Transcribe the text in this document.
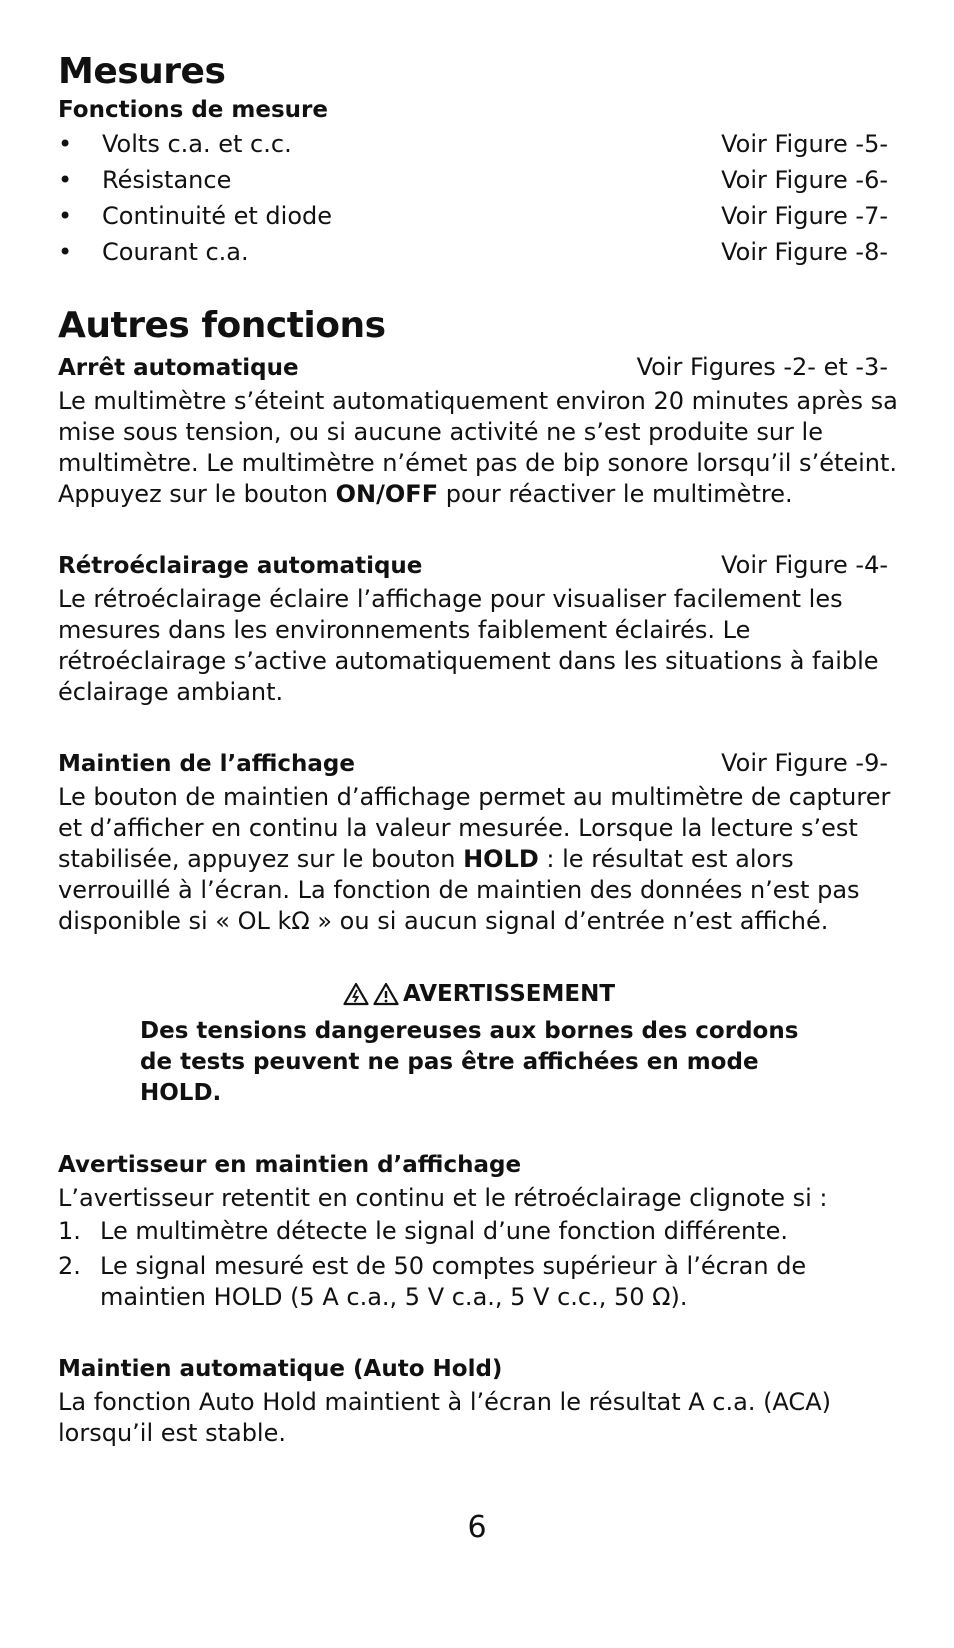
Mesures
Fonctions de mesure
•	Volts c.a. et c.c.	Voir Figure -5-
•	Résistance	Voir Figure -6-
•	Continuité et diode	Voir Figure -7-
•	Courant c.a.	Voir Figure -8-
Autres fonctions
Arrêt automatique	Voir Figures -2- et -3-

Le multimètre s’éteint automatiquement environ 20 minutes après sa mise sous tension, ou si aucune activité ne s’est produite sur le multimètre. Le multimètre n’émet pas de bip sonore lorsqu’il s’éteint. Appuyez sur le bouton ON/OFF pour réactiver le multimètre.

Rétroéclairage automatique	Voir Figure -4-

Le rétroéclairage éclaire l’affichage pour visualiser facilement les mesures dans les environnements faiblement éclairés. Le rétroéclairage s’active automatiquement dans les situations à faible éclairage ambiant.

Maintien de l’affichage	Voir Figure -9-

Le bouton de maintien d’affichage permet au multimètre de capturer et d’afficher en continu la valeur mesurée. Lorsque la lecture s’est stabilisée, appuyez sur le bouton HOLD : le résultat est alors verrouillé à l’écran. La fonction de maintien des données n’est pas disponible si « OL kΩ » ou si aucun signal d’entrée n’est affiché.

AVERTISSEMENT
Des tensions dangereuses aux bornes des cordons de tests peuvent ne pas être affichées en mode HOLD.
Avertisseur en maintien d’affichage

L’avertisseur retentit en continu et le rétroéclairage clignote si :

1. Le multimètre détecte le signal d’une fonction différente.
2. Le signal mesuré est de 50 comptes supérieur à l’écran de maintien HOLD (5 A c.a., 5 V c.a., 5 V c.c., 50 Ω).
Maintien automatique (Auto Hold)

La fonction Auto Hold maintient à l’écran le résultat A c.a. (ACA) lorsqu’il est stable.

6
